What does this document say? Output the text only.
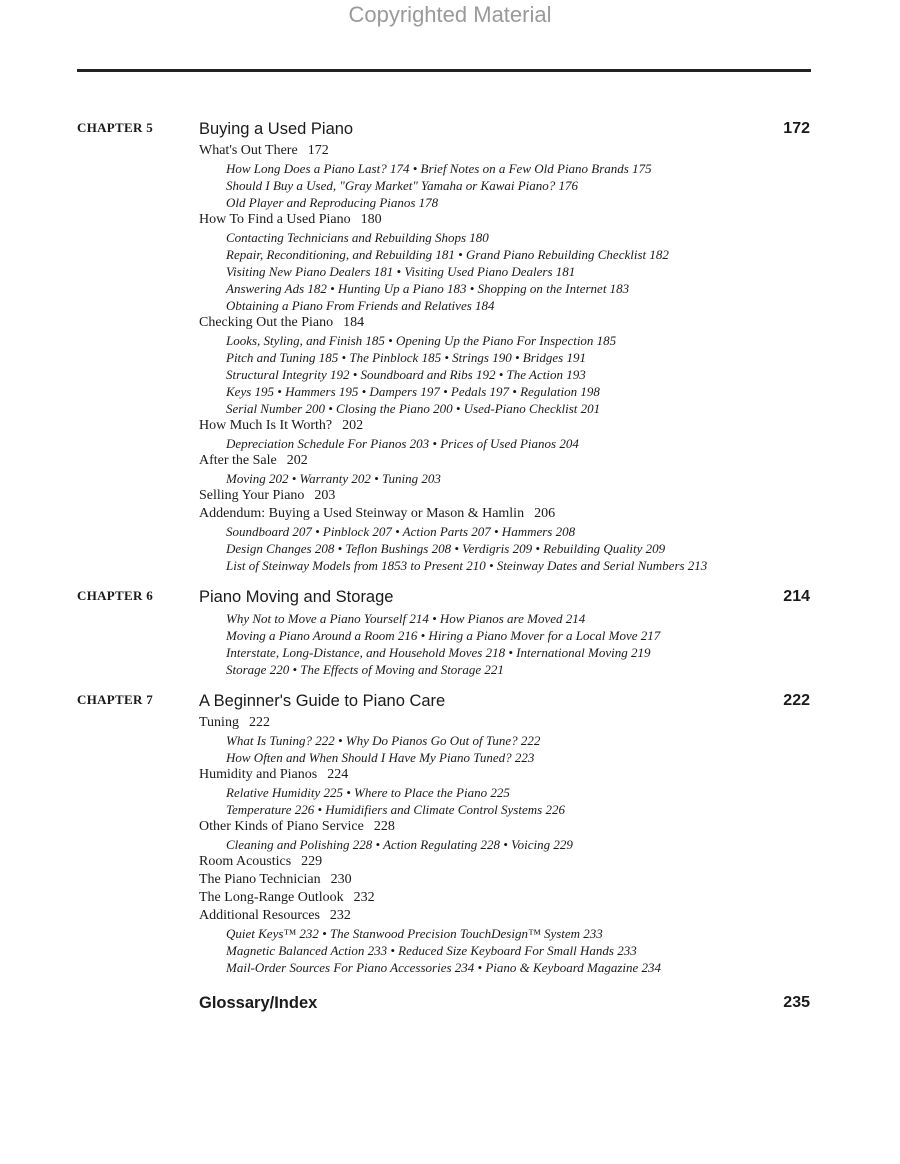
Copyrighted Material
CHAPTER 5	Buying a Used Piano	172
What's Out There 172
How Long Does a Piano Last? 174 • Brief Notes on a Few Old Piano Brands 175
Should I Buy a Used, "Gray Market" Yamaha or Kawai Piano? 176
Old Player and Reproducing Pianos 178
How To Find a Used Piano 180
Contacting Technicians and Rebuilding Shops 180
Repair, Reconditioning, and Rebuilding 181 • Grand Piano Rebuilding Checklist 182
Visiting New Piano Dealers 181 • Visiting Used Piano Dealers 181
Answering Ads 182 • Hunting Up a Piano 183 • Shopping on the Internet 183
Obtaining a Piano From Friends and Relatives 184
Checking Out the Piano 184
Looks, Styling, and Finish 185 • Opening Up the Piano For Inspection 185
Pitch and Tuning 185 • The Pinblock 185 • Strings 190 • Bridges 191
Structural Integrity 192 • Soundboard and Ribs 192 • The Action 193
Keys 195 • Hammers 195 • Dampers 197 • Pedals 197 • Regulation 198
Serial Number 200 • Closing the Piano 200 • Used-Piano Checklist 201
How Much Is It Worth? 202
Depreciation Schedule For Pianos 203 • Prices of Used Pianos 204
After the Sale 202
Moving 202 • Warranty 202 • Tuning 203
Selling Your Piano 203
Addendum: Buying a Used Steinway or Mason & Hamlin 206
Soundboard 207 • Pinblock 207 • Action Parts 207 • Hammers 208
Design Changes 208 • Teflon Bushings 208 • Verdigris 209 • Rebuilding Quality 209
List of Steinway Models from 1853 to Present 210 • Steinway Dates and Serial Numbers 213
CHAPTER 6	Piano Moving and Storage	214
Why Not to Move a Piano Yourself 214 • How Pianos are Moved 214
Moving a Piano Around a Room 216 • Hiring a Piano Mover for a Local Move 217
Interstate, Long-Distance, and Household Moves 218 • International Moving 219
Storage 220 • The Effects of Moving and Storage 221
CHAPTER 7	A Beginner's Guide to Piano Care	222
Tuning 222
What Is Tuning? 222 • Why Do Pianos Go Out of Tune? 222
How Often and When Should I Have My Piano Tuned? 223
Humidity and Pianos 224
Relative Humidity 225 • Where to Place the Piano 225
Temperature 226 • Humidifiers and Climate Control Systems 226
Other Kinds of Piano Service 228
Cleaning and Polishing 228 • Action Regulating 228 • Voicing 229
Room Acoustics 229
The Piano Technician 230
The Long-Range Outlook 232
Additional Resources 232
Quiet Keys™ 232 • The Stanwood Precision TouchDesign™ System 233
Magnetic Balanced Action 233 • Reduced Size Keyboard For Small Hands 233
Mail-Order Sources For Piano Accessories 234 • Piano & Keyboard Magazine 234
Glossary/Index	235
